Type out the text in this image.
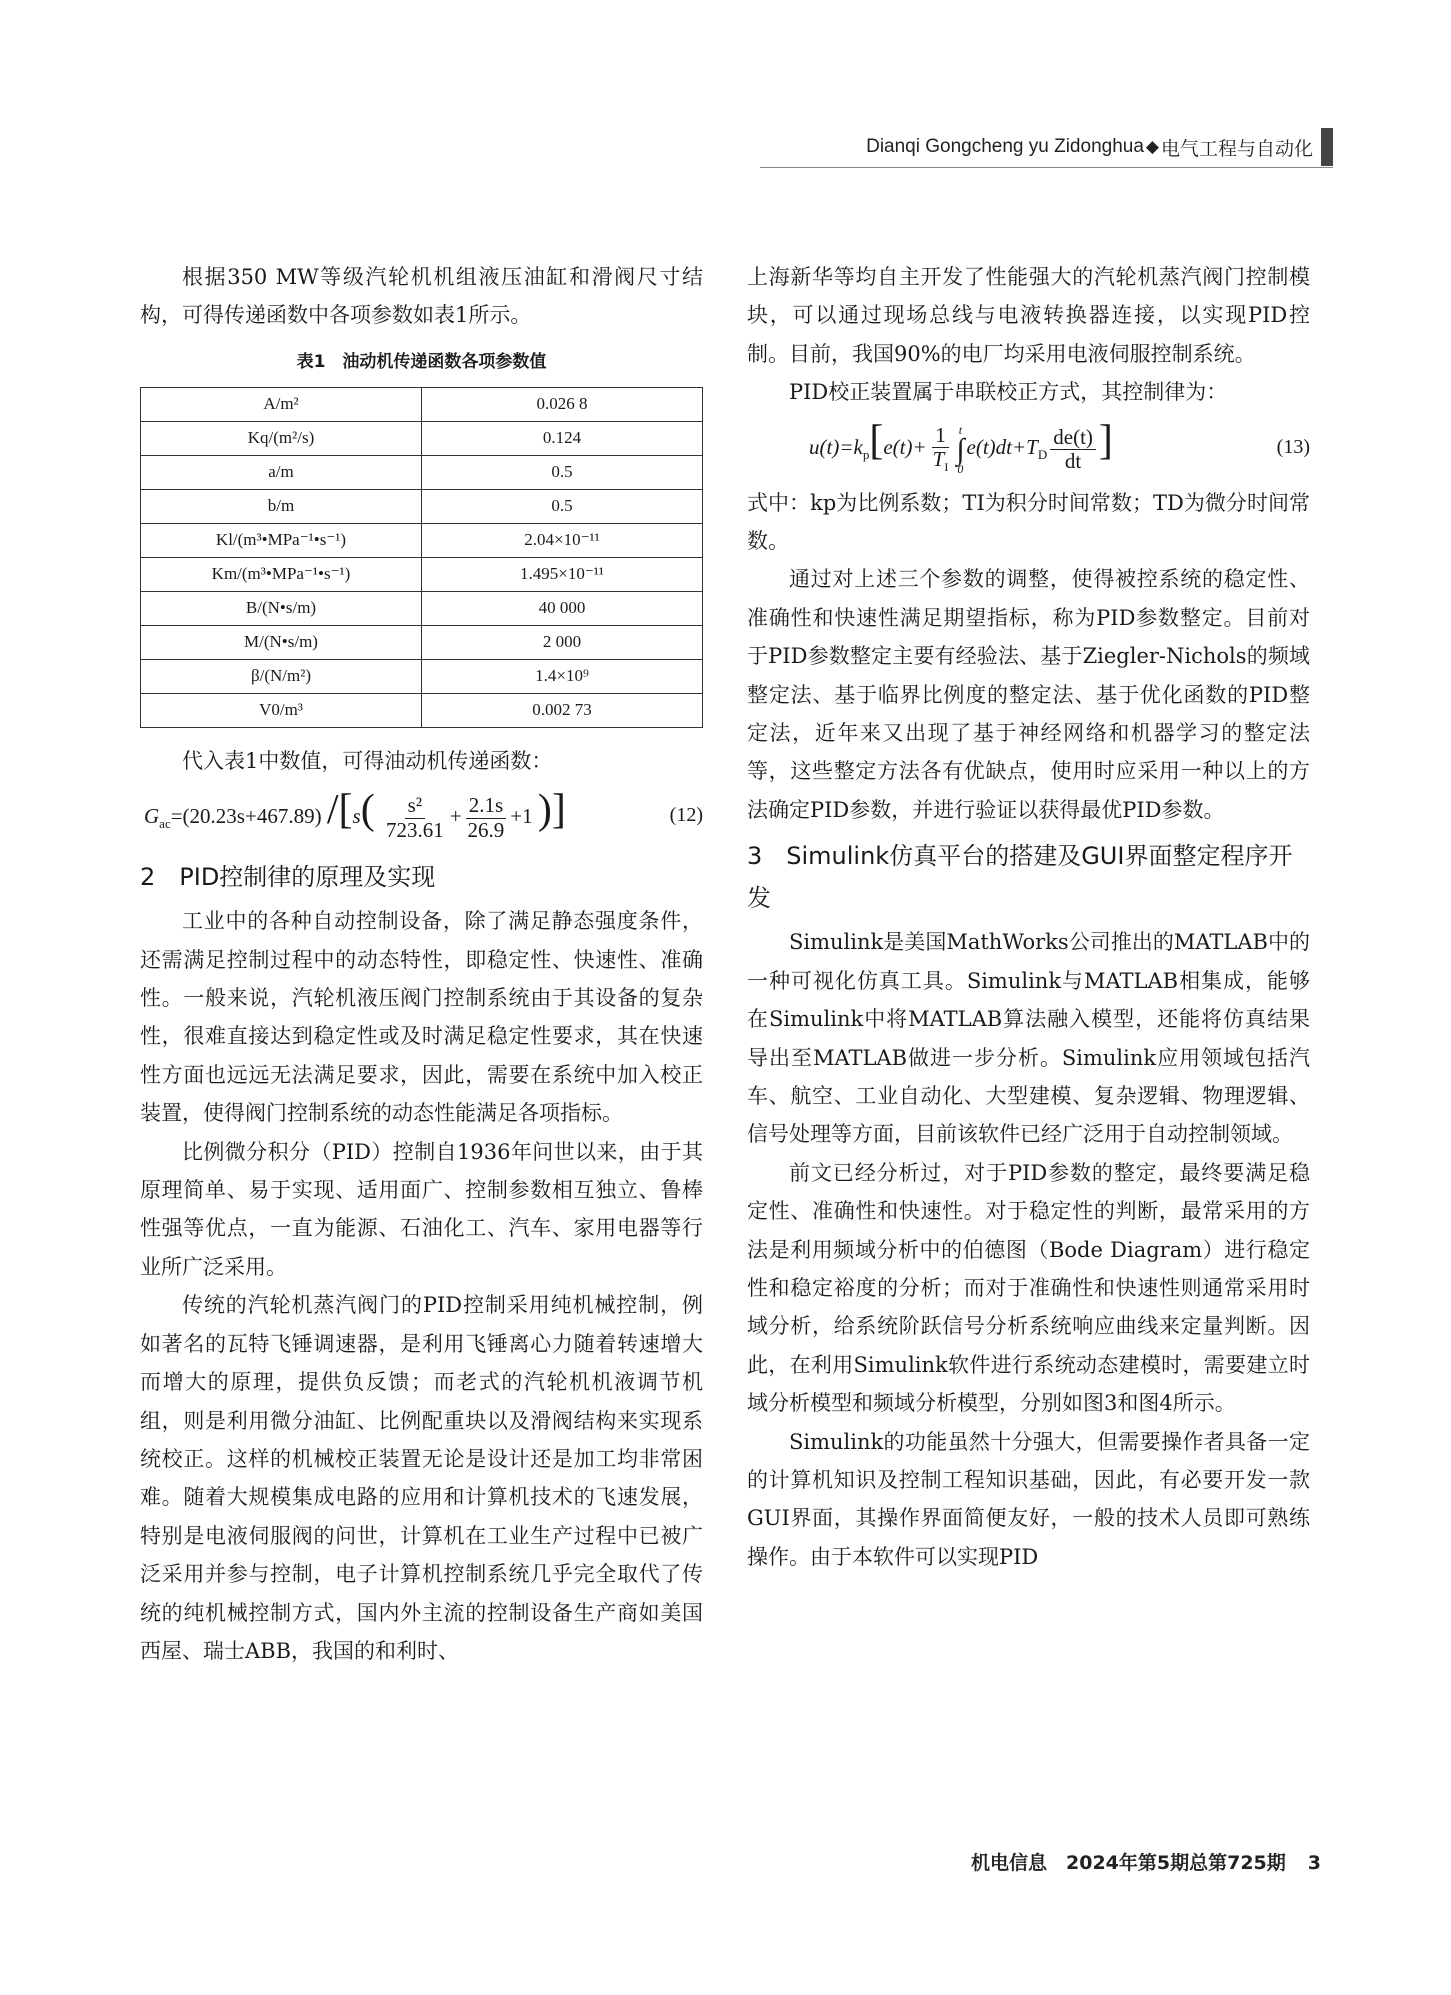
Dianqi Gongcheng yu Zidonghua ◆ 电气工程与自动化

根据350 MW等级汽轮机机组液压油缸和滑阀尺寸结构，可得传递函数中各项参数如表1所示。

表1　油动机传递函数各项参数值
A/m²	0.026 8
Kq/(m²/s)	0.124
a/m	0.5
b/m	0.5
Kl/(m³•MPa⁻¹•s⁻¹)	2.04×10⁻¹¹
Km/(m³•MPa⁻¹•s⁻¹)	1.495×10⁻¹¹
B/(N•s/m)	40 000
M/(N•s/m)	2 000
β/(N/m²)	1.4×10⁹
V0/m³	0.002 73

代入表1中数值，可得油动机传递函数：

$G_{ac}=(20.23s+467.89)$ $/[s( \frac{\text{s²}}{723.61} + \frac{2.1s}{26.9} +1$ )]	(12)
2　PID控制律的原理及实现

工业中的各种自动控制设备，除了满足静态强度条件，还需满足控制过程中的动态特性，即稳定性、快速性、准确性。一般来说，汽轮机液压阀门控制系统由于其设备的复杂性，很难直接达到稳定性或及时满足稳定性要求，其在快速性方面也远远无法满足要求，因此，需要在系统中加入校正装置，使得阀门控制系统的动态性能满足各项指标。

比例微分积分（PID）控制自1936年问世以来，由于其原理简单、易于实现、适用面广、控制参数相互独立、鲁棒性强等优点，一直为能源、石油化工、汽车、家用电器等行业所广泛采用。

传统的汽轮机蒸汽阀门的PID控制采用纯机械控制，例如著名的瓦特飞锤调速器，是利用飞锤离心力随着转速增大而增大的原理，提供负反馈；而老式的汽轮机机液调节机组，则是利用微分油缸、比例配重块以及滑阀结构来实现系统校正。这样的机械校正装置无论是设计还是加工均非常困难。随着大规模集成电路的应用和计算机技术的飞速发展，特别是电液伺服阀的问世，计算机在工业生产过程中已被广泛采用并参与控制，电子计算机控制系统几乎完全取代了传统的纯机械控制方式，国内外主流的控制设备生产商如美国西屋、瑞士ABB，我国的和利时、

上海新华等均自主开发了性能强大的汽轮机蒸汽阀门控制模块，可以通过现场总线与电液转换器连接，以实现PID控制。目前，我国90%的电厂均采用电液伺服控制系统。

PID校正装置属于串联校正方式，其控制律为：

$u(t)=k_p[e(t)+ \frac{1}{T_I}$ t
∫
0
$e(t)dt+T_D \frac{de(t)}{dt}$ ]	(13)

式中：kp为比例系数；TI为积分时间常数；TD为微分时间常数。

通过对上述三个参数的调整，使得被控系统的稳定性、准确性和快速性满足期望指标，称为PID参数整定。目前对于PID参数整定主要有经验法、基于Ziegler-Nichols的频域整定法、基于临界比例度的整定法、基于优化函数的PID整定法，近年来又出现了基于神经网络和机器学习的整定法等，这些整定方法各有优缺点，使用时应采用一种以上的方法确定PID参数，并进行验证以获得最优PID参数。

3　Simulink仿真平台的搭建及GUI界面整定程序开发

Simulink是美国MathWorks公司推出的MATLAB中的一种可视化仿真工具。Simulink与MATLAB相集成，能够在Simulink中将MATLAB算法融入模型，还能将仿真结果导出至MATLAB做进一步分析。Simulink应用领域包括汽车、航空、工业自动化、大型建模、复杂逻辑、物理逻辑、信号处理等方面，目前该软件已经广泛用于自动控制领域。

前文已经分析过，对于PID参数的整定，最终要满足稳定性、准确性和快速性。对于稳定性的判断，最常采用的方法是利用频域分析中的伯德图（Bode Diagram）进行稳定性和稳定裕度的分析；而对于准确性和快速性则通常采用时域分析，给系统阶跃信号分析系统响应曲线来定量判断。因此，在利用Simulink软件进行系统动态建模时，需要建立时域分析模型和频域分析模型，分别如图3和图4所示。

Simulink的功能虽然十分强大，但需要操作者具备一定的计算机知识及控制工程知识基础，因此，有必要开发一款GUI界面，其操作界面简便友好，一般的技术人员即可熟练操作。由于本软件可以实现PID

机电信息　2024年第5期总第725期 3
